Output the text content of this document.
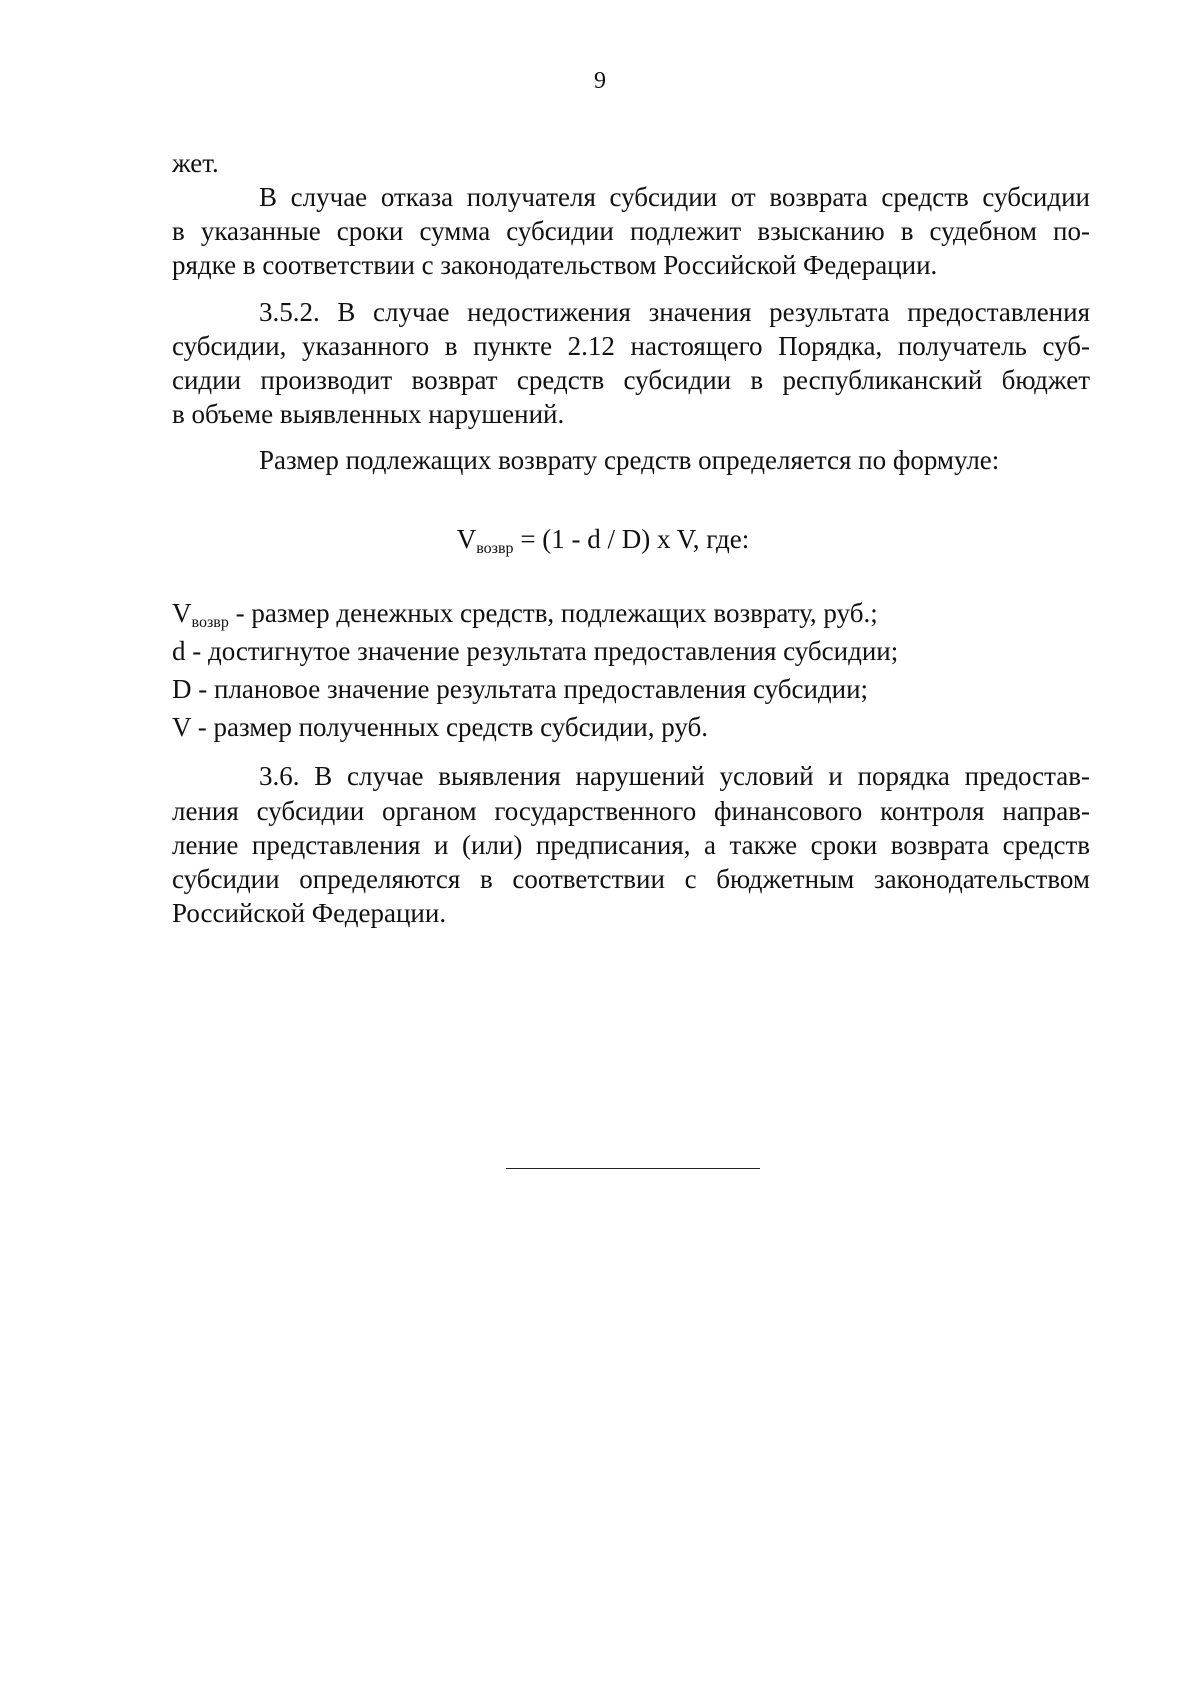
9
жет.
В случае отказа получателя субсидии от возврата средств субсидии
в указанные сроки сумма субсидии подлежит взысканию в судебном по-
рядке в соответствии с законодательством Российской Федерации.
3.5.2. В случае недостижения значения результата предоставления
субсидии, указанного в пункте 2.12 настоящего Порядка, получатель суб-
сидии производит возврат средств субсидии в республиканский бюджет
в объеме выявленных нарушений.
Размер подлежащих возврату средств определяется по формуле:
$V_{возвр} = (1 - d / D)$ x V, где:
$V_{возвр}$ - размер денежных средств, подлежащих возврату, руб.;
d - достигнутое значение результата предоставления субсидии;
D - плановое значение результата предоставления субсидии;
V - размер полученных средств субсидии, руб.
3.6. В случае выявления нарушений условий и порядка предостав-
ления субсидии органом государственного финансового контроля направ-
ление представления и (или) предписания, а также сроки возврата средств
субсидии определяются в соответствии с бюджетным законодательством
Российской Федерации.
